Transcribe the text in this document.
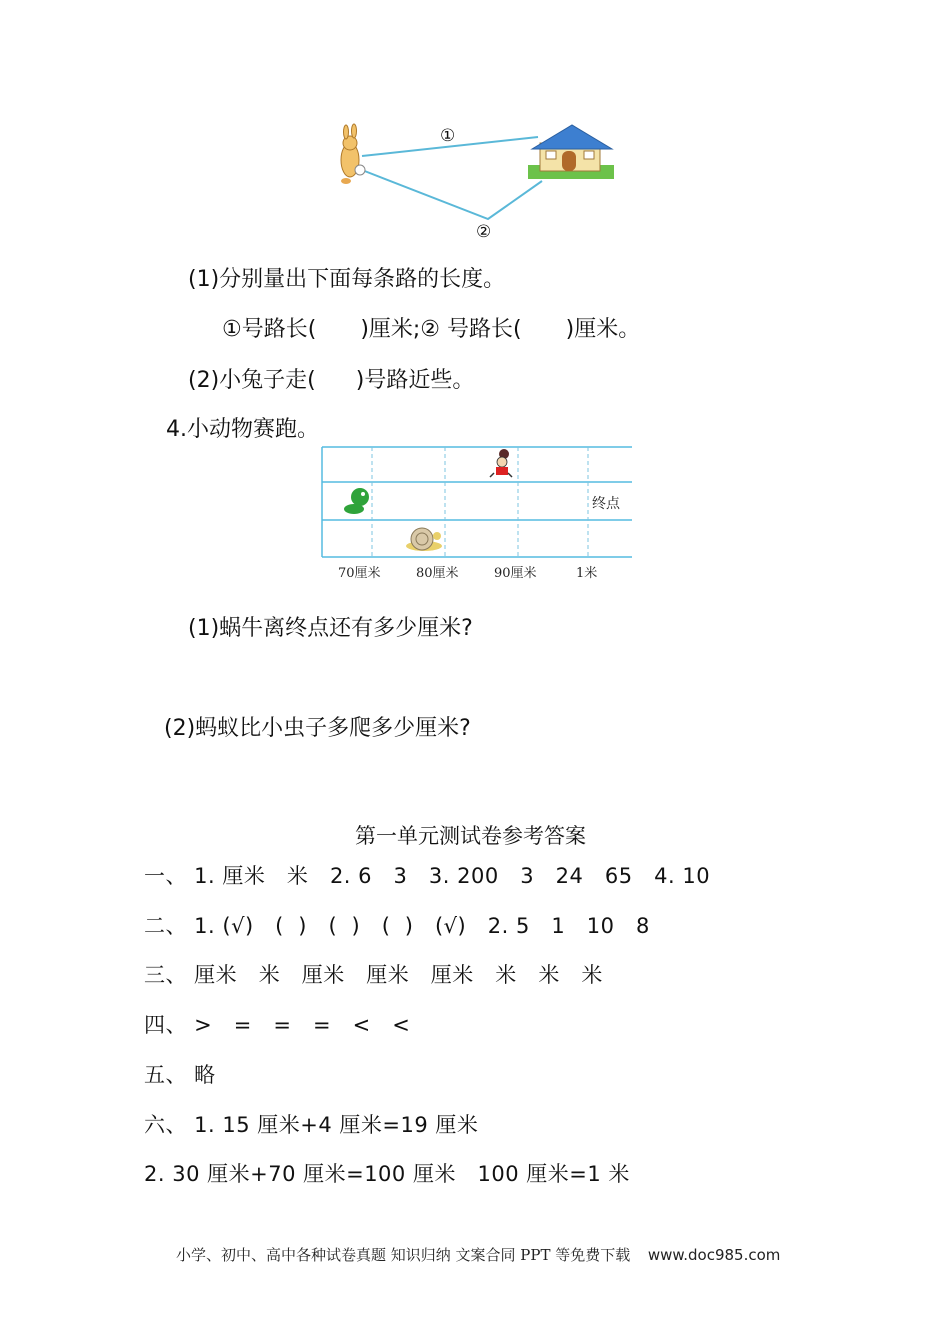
①
②
(1)分别量出下面每条路的长度。
①号路长( )厘米;② 号路长( )厘米。
(2)小兔子走( )号路近些。
4.小动物赛跑。
终点
70厘米	80厘米	90厘米	1米
(1)蜗牛离终点还有多少厘米?
(2)蚂蚁比小虫子多爬多少厘米?
第一单元测试卷参考答案
一、 1. 厘米   米   2. 6   3   3. 200   3   24   65   4. 10
二、 1. (√)   (  )   (  )   (  )   (√)   2. 5   1   10   8
三、 厘米   米   厘米   厘米   厘米   米   米   米
四、 >   =   =   =   <   <
五、 略
六、 1. 15 厘米+4 厘米=19 厘米
2. 30 厘米+70 厘米=100 厘米   100 厘米=1 米
小学、初中、高中各种试卷真题 知识归纳 文案合同 PPT 等免费下载 www.doc985.com
